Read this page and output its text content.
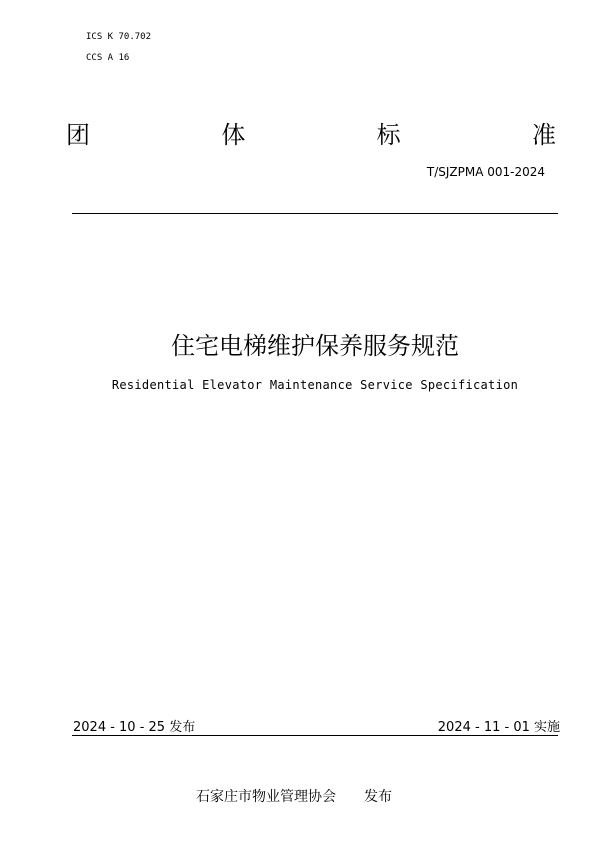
ICS K 70.702
CCS A 16
团	体	标	准
T/SJZPMA 001-2024
住宅电梯维护保养服务规范
Residential Elevator Maintenance Service Specification
2024 - 10 - 25 发布	2024 - 11 - 01 实施
石家庄市物业管理协会 发布
